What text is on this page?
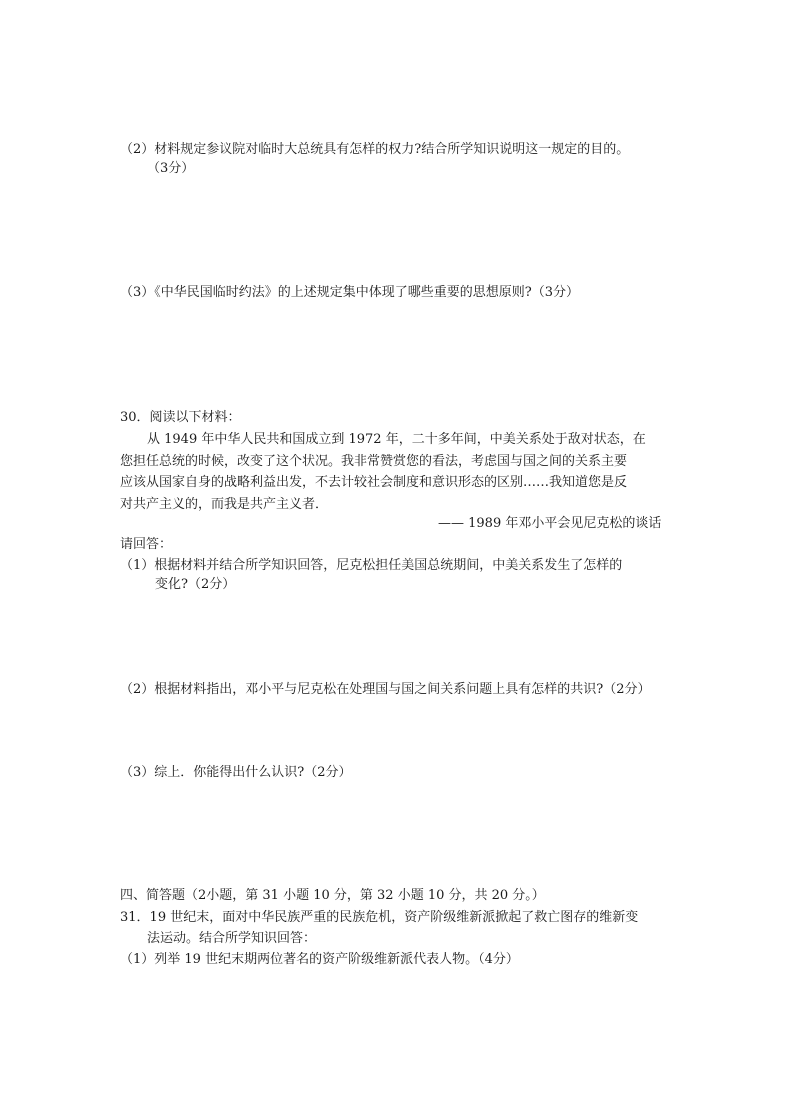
（2）材料规定参议院对临时大总统具有怎样的权力?结合所学知识说明这一规定的目的。
（3分）
（3）《中华民国临时约法》的上述规定集中体现了哪些重要的思想原则?（3分）
30．阅读以下材料：
从 1949 年中华人民共和国成立到 1972 年，二十多年间，中美关系处于敌对状态，在
您担任总统的时候，改变了这个状况。我非常赞赏您的看法，考虑国与国之间的关系主要
应该从国家自身的战略利益出发，不去计较社会制度和意识形态的区别……我知道您是反
对共产主义的，而我是共产主义者．
—— 1989 年邓小平会见尼克松的谈话
请回答：
（1）根据材料并结合所学知识回答，尼克松担任美国总统期间，中美关系发生了怎样的
变化?（2分）
（2）根据材料指出，邓小平与尼克松在处理国与国之间关系问题上具有怎样的共识?（2分）
（3）综上．你能得出什么认识?（2分）
四、简答题（2小题，第 31 小题 10 分，第 32 小题 10 分，共 20 分。）
31．19 世纪末，面对中华民族严重的民族危机，资产阶级维新派掀起了救亡图存的维新变
法运动。结合所学知识回答：
（1）列举 19 世纪末期两位著名的资产阶级维新派代表人物。（4分）
